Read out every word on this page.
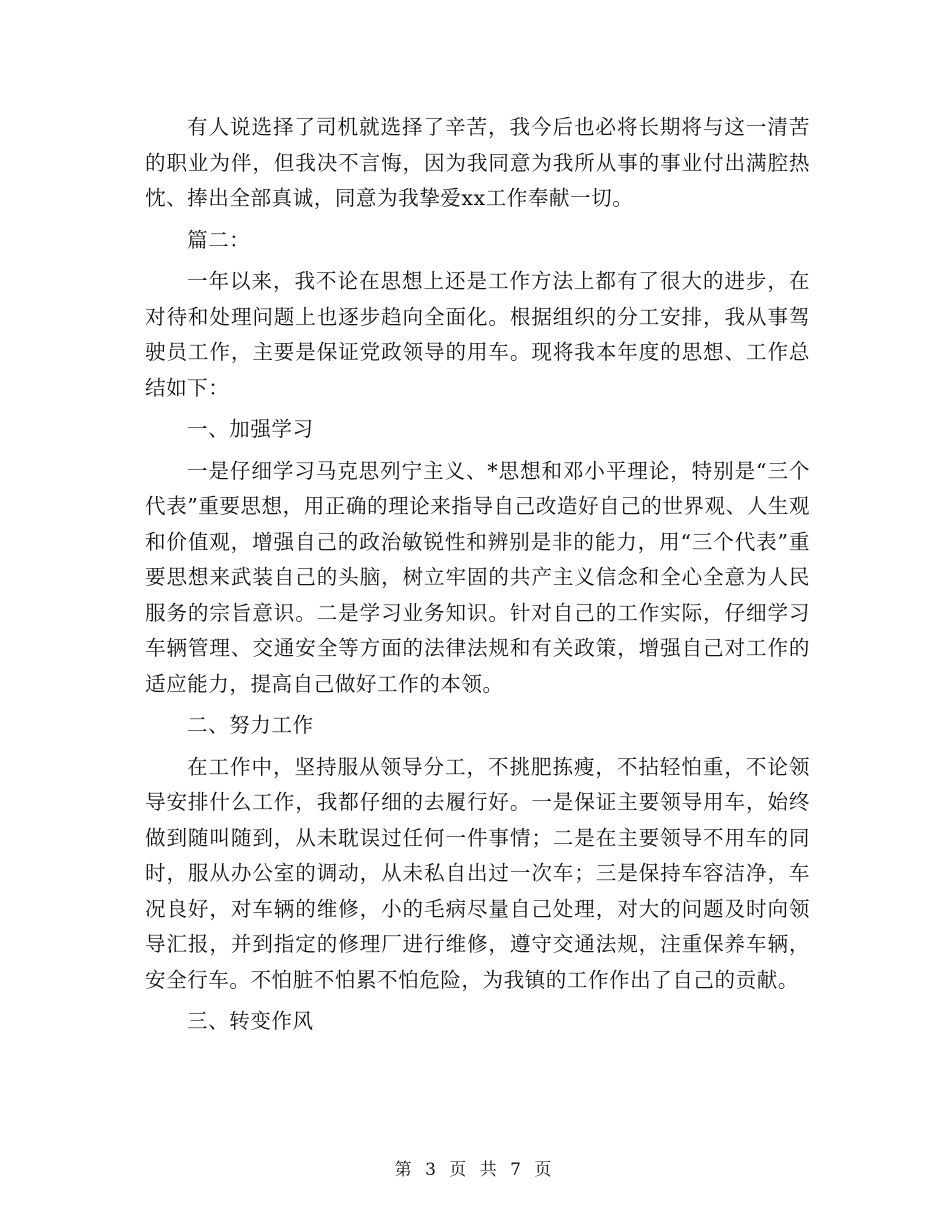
有人说选择了司机就选择了辛苦，我今后也必将长期将与这一清苦的职业为伴，但我决不言悔，因为我同意为我所从事的事业付出满腔热忱、捧出全部真诚，同意为我挚爱xx工作奉献一切。

篇二：

一年以来，我不论在思想上还是工作方法上都有了很大的进步，在对待和处理问题上也逐步趋向全面化。根据组织的分工安排，我从事驾驶员工作，主要是保证党政领导的用车。现将我本年度的思想、工作总结如下：

一、加强学习

一是仔细学习马克思列宁主义、*思想和邓小平理论，特别是“三个代表”重要思想，用正确的理论来指导自己改造好自己的世界观、人生观和价值观，增强自己的政治敏锐性和辨别是非的能力，用“三个代表”重要思想来武装自己的头脑，树立牢固的共产主义信念和全心全意为人民服务的宗旨意识。二是学习业务知识。针对自己的工作实际，仔细学习车辆管理、交通安全等方面的法律法规和有关政策，增强自己对工作的适应能力，提高自己做好工作的本领。

二、努力工作

在工作中，坚持服从领导分工，不挑肥拣瘦，不拈轻怕重，不论领导安排什么工作，我都仔细的去履行好。一是保证主要领导用车，始终做到随叫随到，从未耽误过任何一件事情；二是在主要领导不用车的同时，服从办公室的调动，从未私自出过一次车；三是保持车容洁净，车况良好，对车辆的维修，小的毛病尽量自己处理，对大的问题及时向领导汇报，并到指定的修理厂进行维修，遵守交通法规，注重保养车辆，安全行车。不怕脏不怕累不怕危险，为我镇的工作作出了自己的贡献。

三、转变作风

第 3 页 共 7 页
